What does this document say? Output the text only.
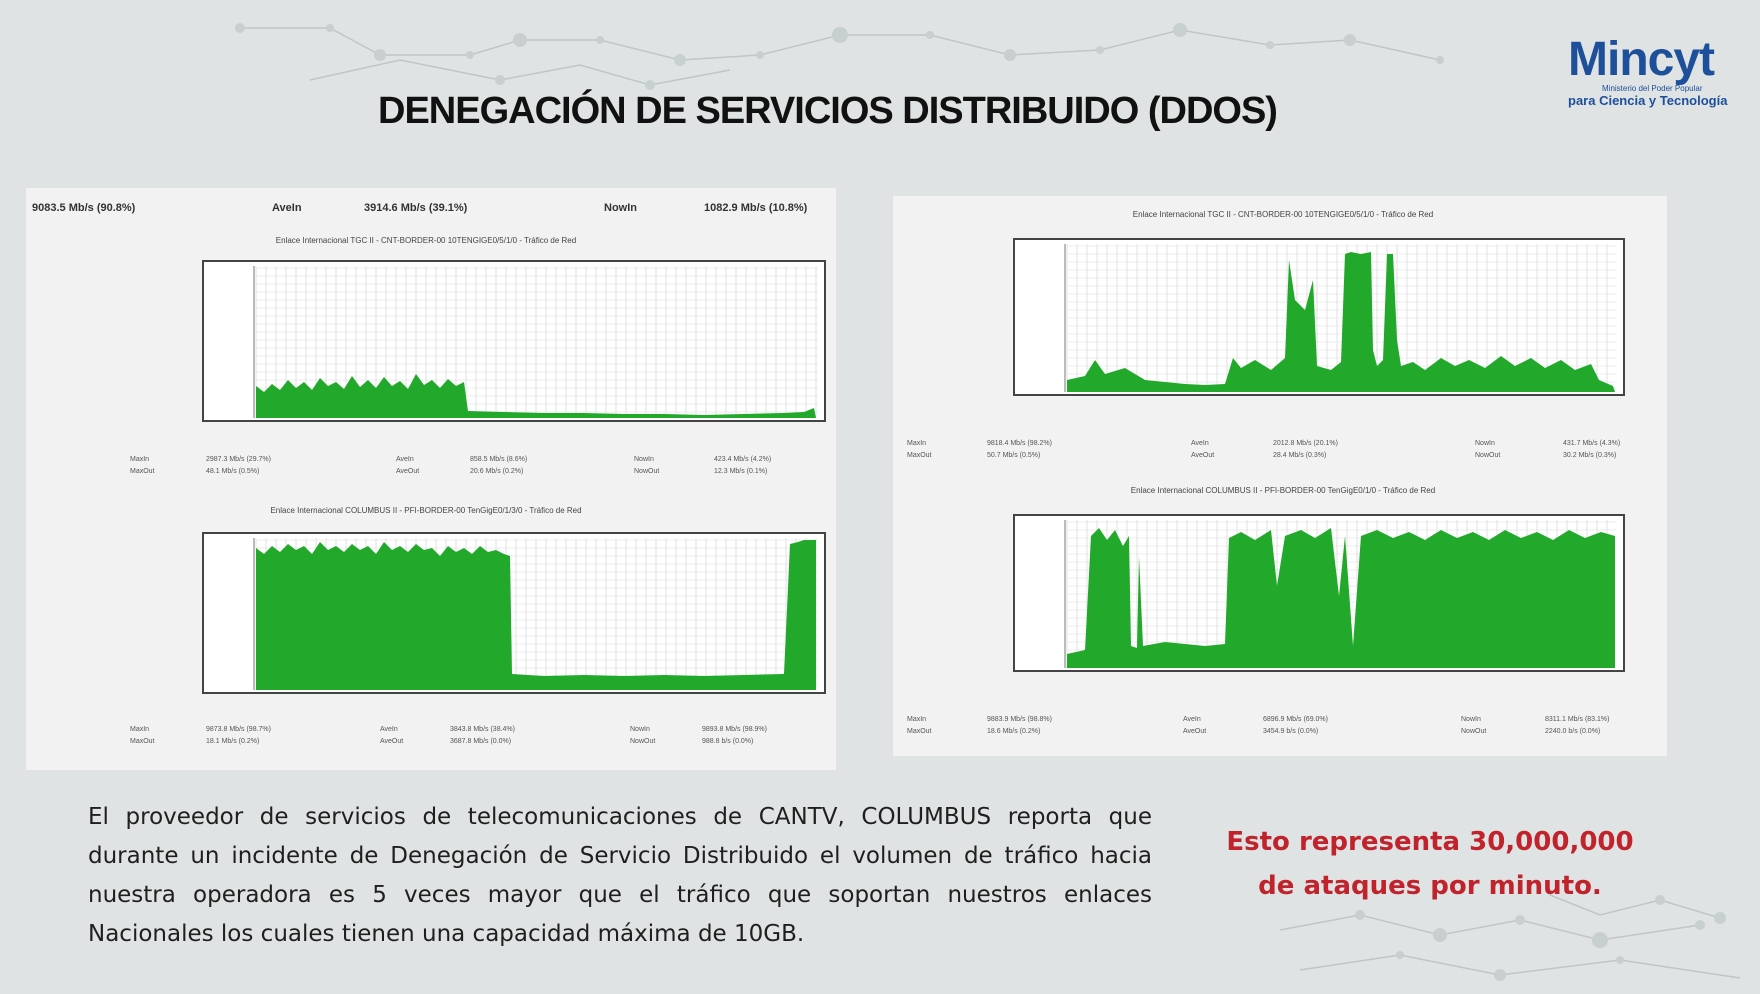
DENEGACIÓN DE SERVICIOS DISTRIBUIDO (DDOS)
Mincyt
Ministerio del Poder Popular
para Ciencia y Tecnología
9083.5 Mb/s (90.8%)	AveIn	3914.6 Mb/s (39.1%)	NowIn	1082.9 Mb/s (10.8%)
Enlace Internacional TGC II - CNT-BORDER-00 10TENGIGE0/5/1/0 - Tráfico de Red
MaxIn	2987.3 Mb/s (29.7%)	AveIn	858.5 Mb/s (8.6%)	NowIn	423.4 Mb/s (4.2%)
MaxOut	48.1 Mb/s (0.5%)	AveOut	20.6 Mb/s (0.2%)	NowOut	12.3 Mb/s (0.1%)
Enlace Internacional COLUMBUS II - PFI-BORDER-00 TenGigE0/1/3/0 - Tráfico de Red
MaxIn	9873.8 Mb/s (98.7%)	AveIn	3843.8 Mb/s (38.4%)	NowIn	9893.8 Mb/s (98.9%)
MaxOut	18.1 Mb/s (0.2%)	AveOut	3687.8 Mb/s (0.0%)	NowOut	988.8 b/s (0.0%)
Enlace Internacional TGC II - CNT-BORDER-00 10TENGIGE0/5/1/0 - Tráfico de Red
MaxIn	9818.4 Mb/s (98.2%)	AveIn	2012.8 Mb/s (20.1%)	NowIn	431.7 Mb/s (4.3%)
MaxOut	50.7 Mb/s (0.5%)	AveOut	28.4 Mb/s (0.3%)	NowOut	30.2 Mb/s (0.3%)
Enlace Internacional COLUMBUS II - PFI-BORDER-00 TenGigE0/1/0 - Tráfico de Red
MaxIn	9883.9 Mb/s (98.8%)	AveIn	6896.9 Mb/s (69.0%)	NowIn	8311.1 Mb/s (83.1%)
MaxOut	18.6 Mb/s (0.2%)	AveOut	3454.9 b/s (0.0%)	NowOut	2240.0 b/s (0.0%)
El proveedor de servicios de telecomunicaciones de CANTV, COLUMBUS reporta que durante un incidente de Denegación de Servicio Distribuido el volumen de tráfico hacia nuestra operadora es 5 veces mayor que el tráfico que soportan nuestros enlaces Nacionales los cuales tienen una capacidad máxima de 10GB.
Esto representa 30,000,000
de ataques por minuto.
